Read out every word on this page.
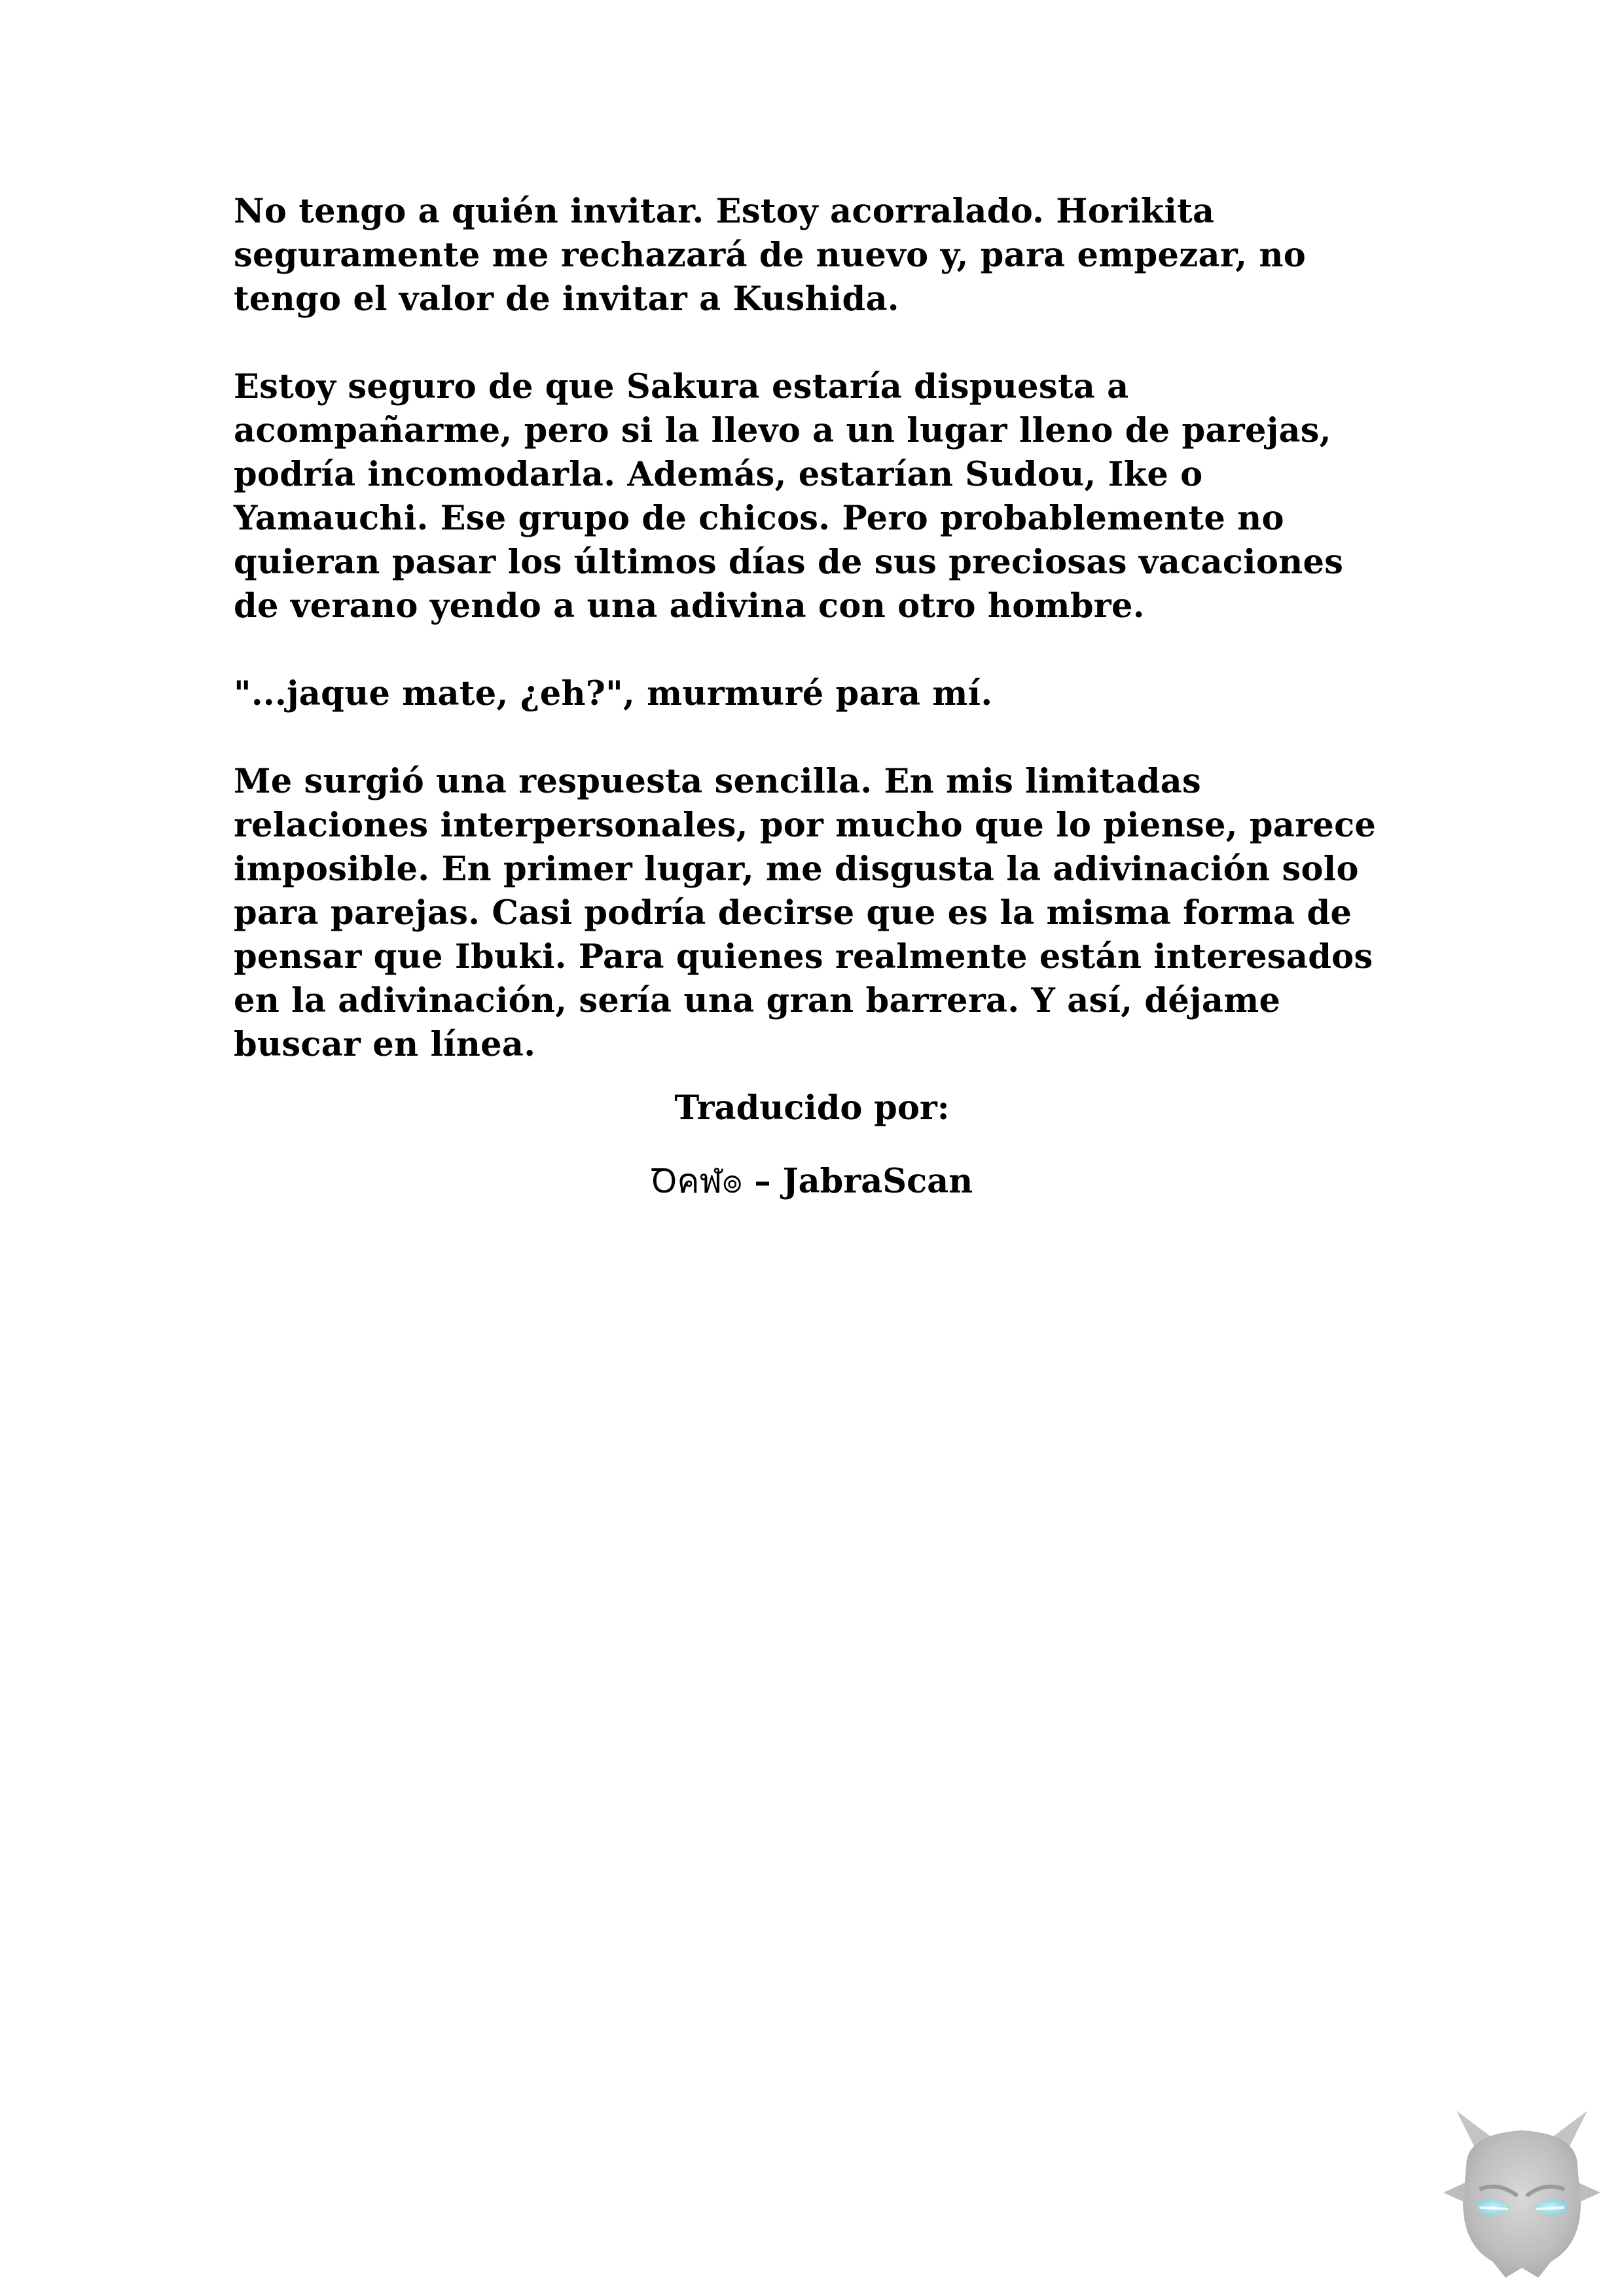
No tengo a quién invitar. Estoy acorralado. Horikita
seguramente me rechazará de nuevo y, para empezar, no
tengo el valor de invitar a Kushida.

Estoy seguro de que Sakura estaría dispuesta a
acompañarme, pero si la llevo a un lugar lleno de parejas,
podría incomodarla. Además, estarían Sudou, Ike o
Yamauchi. Ese grupo de chicos. Pero probablemente no
quieran pasar los últimos días de sus preciosas vacaciones
de verano yendo a una adivina con otro hombre.

"...jaque mate, ¿eh?", murmuré para mí.

Me surgió una respuesta sencilla. En mis limitadas
relaciones interpersonales, por mucho que lo piense, parece
imposible. En primer lugar, me disgusta la adivinación solo
para parejas. Casi podría decirse que es la misma forma de
pensar que Ibuki. Para quienes realmente están interesados
en la adivinación, sería una gran barrera. Y así, déjame
buscar en línea.

Traducido por:
Ꝺคฬ๏ – JabraScan
